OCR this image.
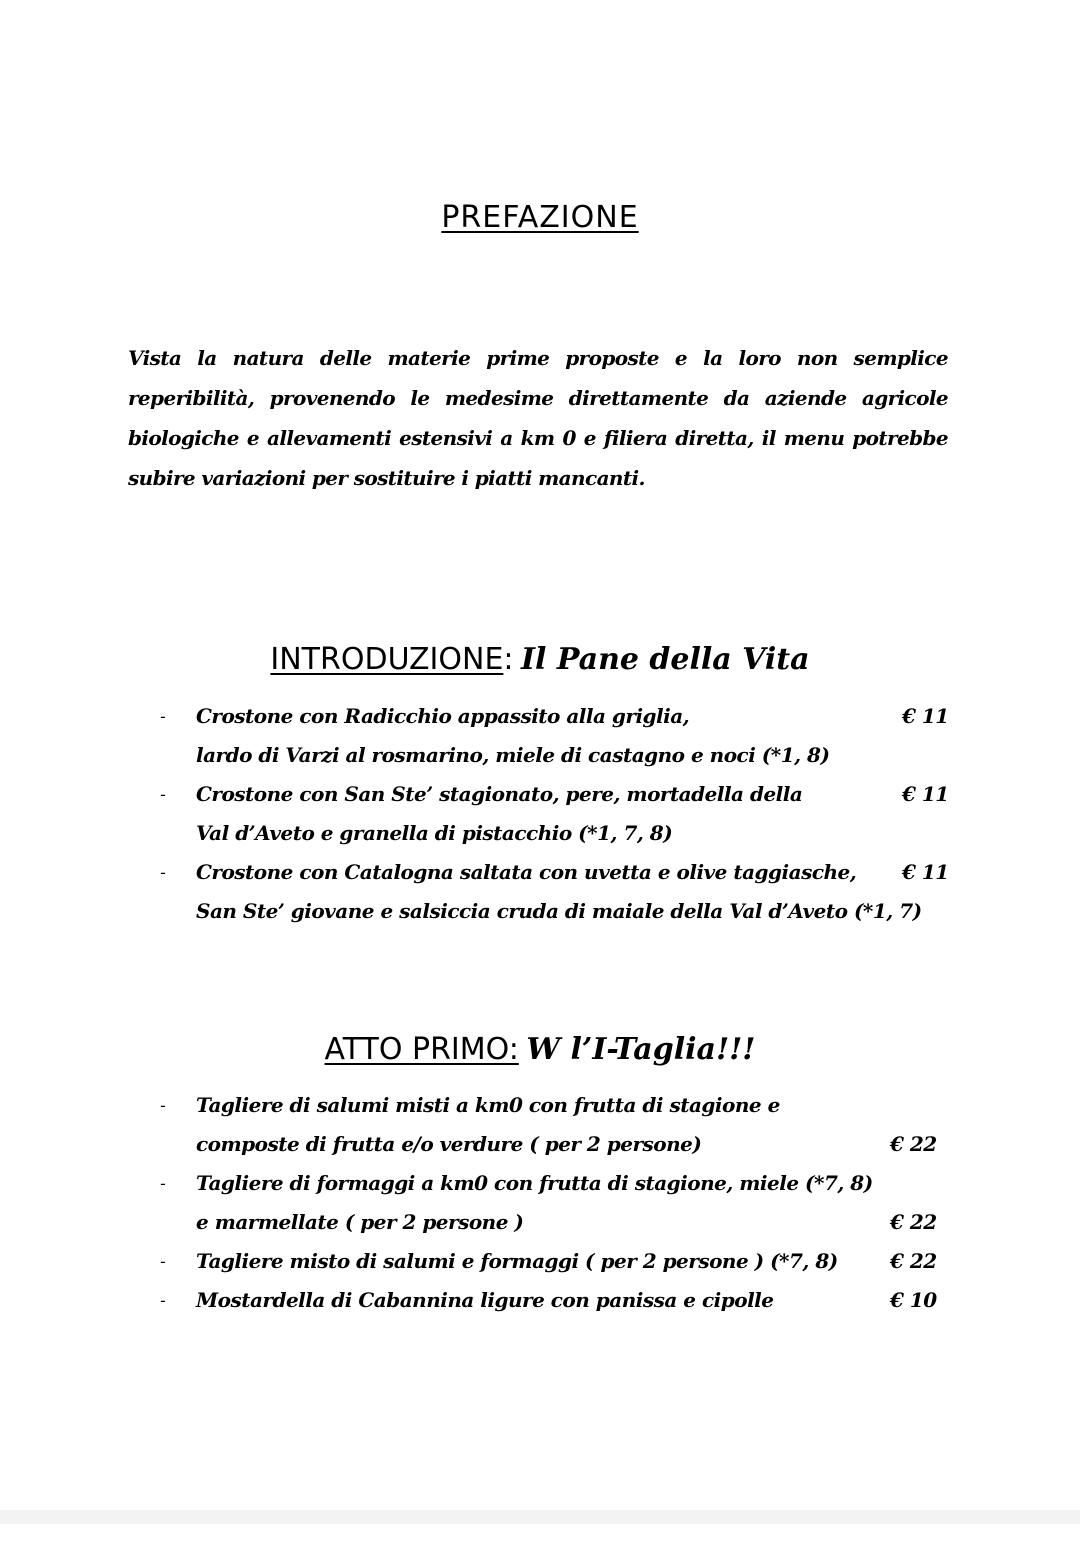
PREFAZIONE
Vista la natura delle materie prime proposte e la loro non semplice reperibilità, provenendo le medesime direttamente da aziende agricole biologiche e allevamenti estensivi a km 0 e filiera diretta, il menu potrebbe subire variazioni per sostituire i piatti mancanti.
INTRODUZIONE: Il Pane della Vita
-	Crostone con Radicchio appassito alla griglia,
lardo di Varzi al rosmarino, miele di castagno e noci (*1, 8)
€ 11
-	Crostone con San Ste’ stagionato, pere, mortadella della
Val d’Aveto e granella di pistacchio (*1, 7, 8)
€ 11
-	Crostone con Catalogna saltata con uvetta e olive taggiasche,
San Ste’ giovane e salsiccia cruda di maiale della Val d’Aveto (*1, 7)
€ 11
ATTO PRIMO: W l’I-Taglia!!!
-	Tagliere di salumi misti a km0 con frutta di stagione e
composte di frutta e/o verdure ( per 2 persone)	€ 22
-	Tagliere di formaggi a km0 con frutta di stagione, miele (*7, 8)
e marmellate ( per 2 persone )	€ 22
-	Tagliere misto di salumi e formaggi ( per 2 persone ) (*7, 8)	€ 22
-	Mostardella di Cabannina ligure con panissa e cipolle	€ 10
